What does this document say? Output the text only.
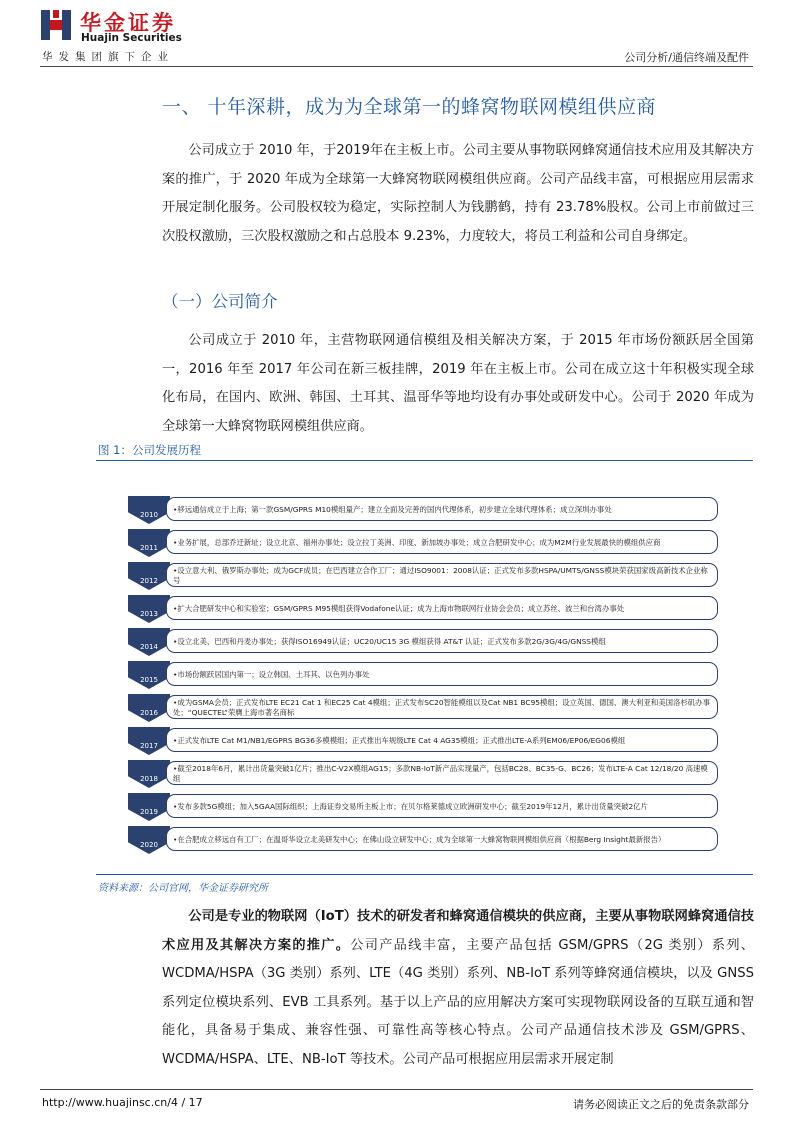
华金证券
Huajin Securities
华发集团旗下企业	公司分析/通信终端及配件
一、 十年深耕，成为为全球第一的蜂窝物联网模组供应商
公司成立于 2010 年，于2019年在主板上市。公司主要从事物联网蜂窝通信技术应用及其解决方案的推广，于 2020 年成为全球第一大蜂窝物联网模组供应商。公司产品线丰富，可根据应用层需求开展定制化服务。公司股权较为稳定，实际控制人为钱鹏鹤，持有 23.78%股权。公司上市前做过三次股权激励，三次股权激励之和占总股本 9.23%，力度较大，将员工利益和公司自身绑定。
（一）公司简介
公司成立于 2010 年，主营物联网通信模组及相关解决方案，于 2015 年市场份额跃居全国第一，2016 年至 2017 年公司在新三板挂牌，2019 年在主板上市。公司在成立这十年积极实现全球化布局，在国内、欧洲、韩国、土耳其、温哥华等地均设有办事处或研发中心。公司于 2020 年成为全球第一大蜂窝物联网模组供应商。
图 1：公司发展历程
2010
•移远通信成立于上海；第一款GSM/GPRS M10模组量产；建立全面及完善的国内代理体系，初步建立全球代理体系；成立深圳办事处
2011
•业务扩展，总部乔迁新址；设立北京、福州办事处；设立拉丁美洲、印度、新加坡办事处；成立合肥研发中心；成为M2M行业发展最快的模组供应商
2012
•设立意大利、俄罗斯办事处；成为GCF成员；在巴西建立合作工厂；通过ISO9001：2008认证；正式发布多款HSPA/UMTS/GNSS模块荣获国家级高新技术企业称号
2013
•扩大合肥研发中心和实验室；GSM/GPRS M95模组获得Vodafone认证；成为上海市物联网行业协会会员；成立苏丝、波兰和台湾办事处
2014
•设立北美、巴西和丹麦办事处；获得ISO16949认证；UC20/UC15 3G 模组获得 AT&T 认证；正式发布多款2G/3G/4G/GNSS模组
2015
•市场份额跃居国内第一；设立韩国、土耳其、以色列办事处
2016
•成为GSMA会员；正式发布LTE EC21 Cat 1 和EC25 Cat 4模组；正式发布SC20智能模组以及Cat NB1 BC95模组；设立英国、德国、澳大利亚和美国洛杉矶办事处；“QUECTEL”荣膺上海市著名商标
2017
•正式发布LTE Cat M1/NB1/EGPRS BG36多模模组；正式推出车规级LTE Cat 4 AG35模组；正式推出LTE-A系列EM06/EP06/EG06模组
2018
•截至2018年6月，累计出货量突破1亿片；推出C-V2X模组AG15；多款NB-IoT新产品实现量产，包括BC28、BC35-G、BC26；发布LTE-A Cat 12/18/20 高速模组
2019
•发布多款5G模组；加入5GAA国际组织；上海证券交易所主板上市；在贝尔格莱德成立欧洲研发中心；截至2019年12月，累计出货量突破2亿片
2020
•在合肥成立移远自有工厂；在温哥华设立北美研发中心；在佛山设立研发中心；成为全球第一大蜂窝物联网模组供应商（根据Berg Insight最新报告）
资料来源：公司官网，华金证券研究所
公司是专业的物联网（IoT）技术的研发者和蜂窝通信模块的供应商，主要从事物联网蜂窝通信技术应用及其解决方案的推广。公司产品线丰富，主要产品包括 GSM/GPRS（2G 类别）系列、WCDMA/HSPA（3G 类别）系列、LTE（4G 类别）系列、NB-IoT 系列等蜂窝通信模块，以及 GNSS 系列定位模块系列、EVB 工具系列。基于以上产品的应用解决方案可实现物联网设备的互联互通和智能化，具备易于集成、兼容性强、可靠性高等核心特点。公司产品通信技术涉及 GSM/GPRS、WCDMA/HSPA、LTE、NB-IoT 等技术。公司产品可根据应用层需求开展定制
http://www.huajinsc.cn/4 / 17	请务必阅读正文之后的免责条款部分
